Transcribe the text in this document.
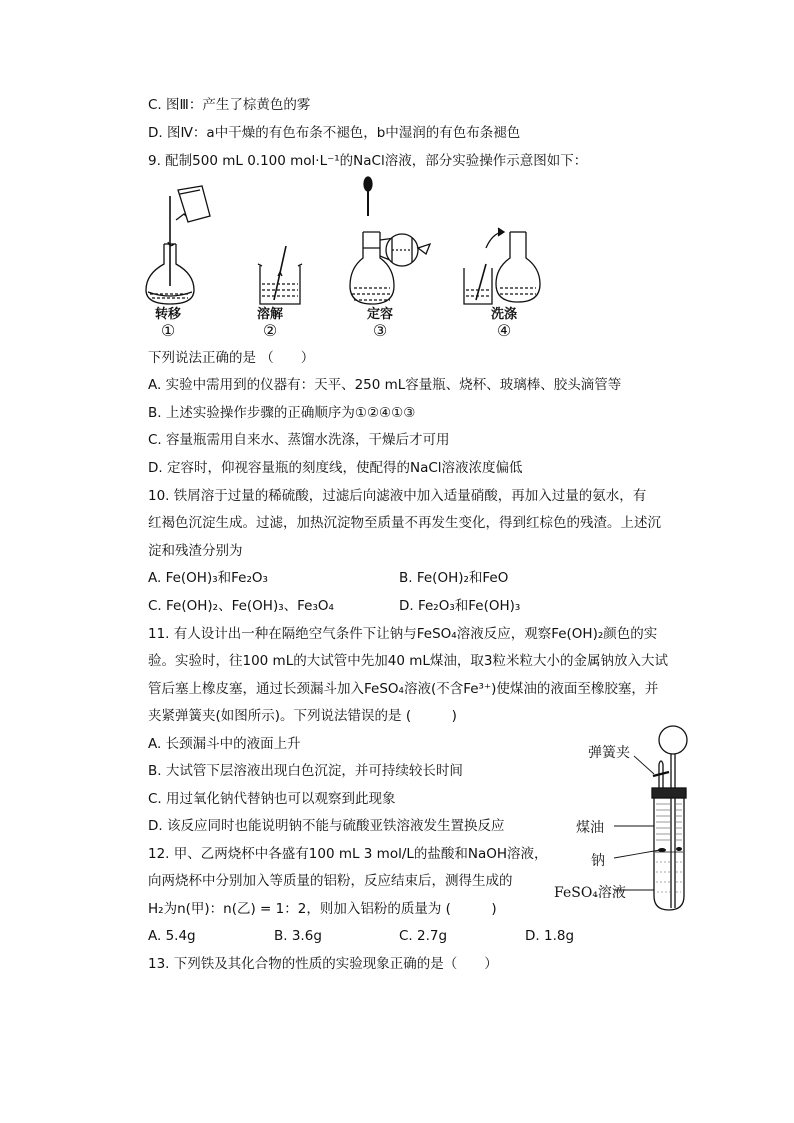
C. 图Ⅲ：产生了棕黄色的雾
D. 图Ⅳ：a中干燥的有色布条不褪色，b中湿润的有色布条褪色
9. 配制500 mL 0.100 mol·L⁻¹的NaCl溶液，部分实验操作示意图如下：
转移	溶解	定容	洗涤
①	②	③	④
下列说法正确的是 （　　）
A. 实验中需用到的仪器有：天平、250 mL容量瓶、烧杯、玻璃棒、胶头滴管等
B. 上述实验操作步骤的正确顺序为①②④①③
C. 容量瓶需用自来水、蒸馏水洗涤，干燥后才可用
D. 定容时，仰视容量瓶的刻度线，使配得的NaCl溶液浓度偏低
10. 铁屑溶于过量的稀硫酸，过滤后向滤液中加入适量硝酸，再加入过量的氨水，有
红褐色沉淀生成。过滤，加热沉淀物至质量不再发生变化，得到红棕色的残渣。上述沉
淀和残渣分别为
A. Fe(OH)₃和Fe₂O₃	B. Fe(OH)₂和FeO
C. Fe(OH)₂、Fe(OH)₃、Fe₃O₄	D. Fe₂O₃和Fe(OH)₃
11. 有人设计出一种在隔绝空气条件下让钠与FeSO₄溶液反应，观察Fe(OH)₂颜色的实
验。实验时，往100 mL的大试管中先加40 mL煤油，取3粒米粒大小的金属钠放入大试
管后塞上橡皮塞，通过长颈漏斗加入FeSO₄溶液(不含Fe³⁺)使煤油的液面至橡胶塞，并
夹紧弹簧夹(如图所示)。下列说法错误的是 (　　　)
A. 长颈漏斗中的液面上升
B. 大试管下层溶液出现白色沉淀，并可持续较长时间
C. 用过氧化钠代替钠也可以观察到此现象
D. 该反应同时也能说明钠不能与硫酸亚铁溶液发生置换反应
弹簧夹
煤油
钠
FeSO₄溶液
12. 甲、乙两烧杯中各盛有100 mL 3 mol/L的盐酸和NaOH溶液，
向两烧杯中分别加入等质量的铝粉，反应结束后，测得生成的
H₂为n(甲)：n(乙) = 1：2，则加入铝粉的质量为 (　　　)
A. 5.4g	B. 3.6g	C. 2.7g	D. 1.8g
13. 下列铁及其化合物的性质的实验现象正确的是（　　）
